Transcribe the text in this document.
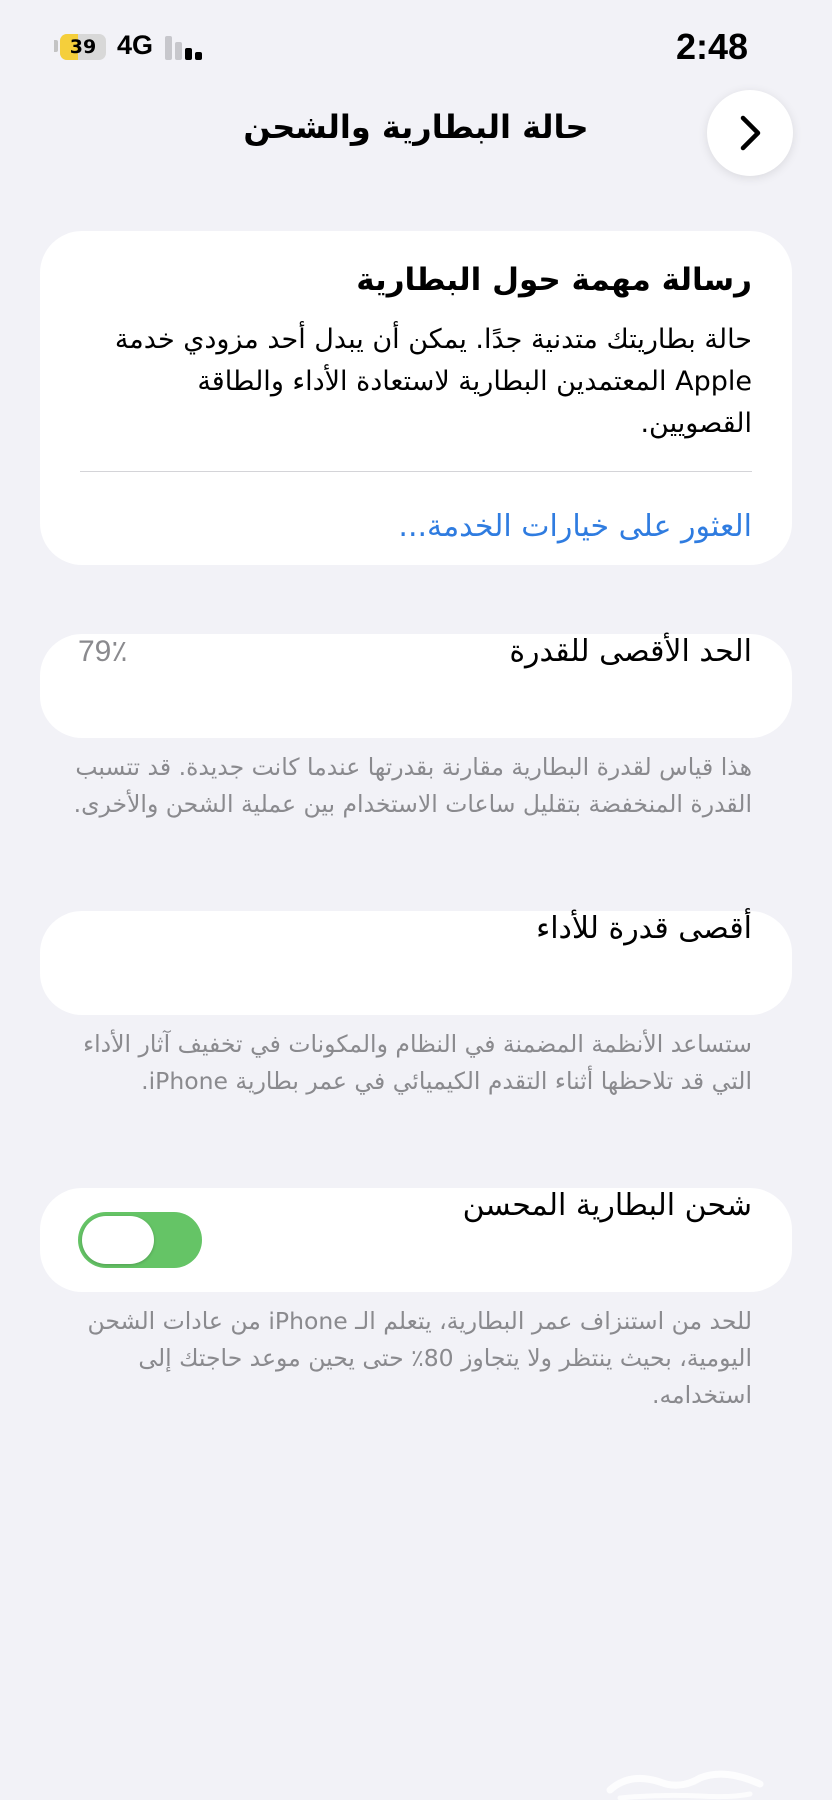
39 4G	2:48
حالة البطارية والشحن
رسالة مهمة حول البطارية
حالة بطاريتك متدنية جدًا. يمكن أن يبدل أحد مزودي خدمة Apple المعتمدين البطارية لاستعادة الأداء والطاقة القصويين.
العثور على خيارات الخدمة...
الحد الأقصى للقدرة
79٪
هذا قياس لقدرة البطارية مقارنة بقدرتها عندما كانت جديدة. قد تتسبب القدرة المنخفضة بتقليل ساعات الاستخدام بين عملية الشحن والأخرى.
أقصى قدرة للأداء
ستساعد الأنظمة المضمنة في النظام والمكونات في تخفيف آثار الأداء التي قد تلاحظها أثناء التقدم الكيميائي في عمر بطارية iPhone.
شحن البطارية المحسن
للحد من استنزاف عمر البطارية، يتعلم الـ iPhone من عادات الشحن اليومية، بحيث ينتظر ولا يتجاوز 80٪ حتى يحين موعد حاجتك إلى استخدامه.
